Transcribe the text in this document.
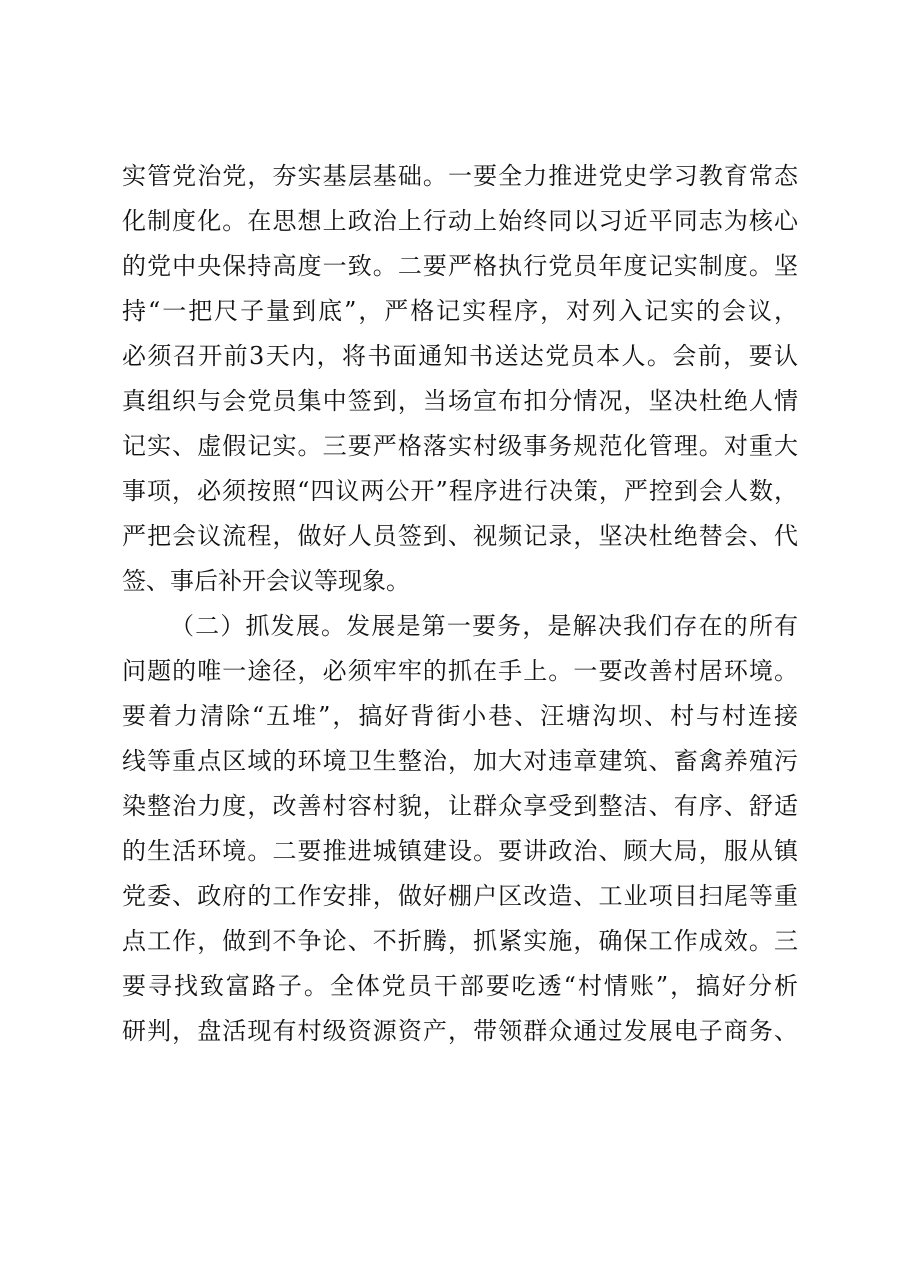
实管党治党，夯实基层基础。一要全力推进党史学习教育常态
化制度化。在思想上政治上行动上始终同以习近平同志为核心
的党中央保持高度一致。二要严格执行党员年度记实制度。坚
持“一把尺子量到底”，严格记实程序，对列入记实的会议，
必须召开前3天内，将书面通知书送达党员本人。会前，要认
真组织与会党员集中签到，当场宣布扣分情况，坚决杜绝人情
记实、虚假记实。三要严格落实村级事务规范化管理。对重大
事项，必须按照“四议两公开”程序进行决策，严控到会人数，
严把会议流程，做好人员签到、视频记录，坚决杜绝替会、代
签、事后补开会议等现象。
（二）抓发展。发展是第一要务，是解决我们存在的所有
问题的唯一途径，必须牢牢的抓在手上。一要改善村居环境。
要着力清除“五堆”，搞好背街小巷、汪塘沟坝、村与村连接
线等重点区域的环境卫生整治，加大对违章建筑、畜禽养殖污
染整治力度，改善村容村貌，让群众享受到整洁、有序、舒适
的生活环境。二要推进城镇建设。要讲政治、顾大局，服从镇
党委、政府的工作安排，做好棚户区改造、工业项目扫尾等重
点工作，做到不争论、不折腾，抓紧实施，确保工作成效。三
要寻找致富路子。全体党员干部要吃透“村情账”，搞好分析
研判，盘活现有村级资源资产，带领群众通过发展电子商务、
